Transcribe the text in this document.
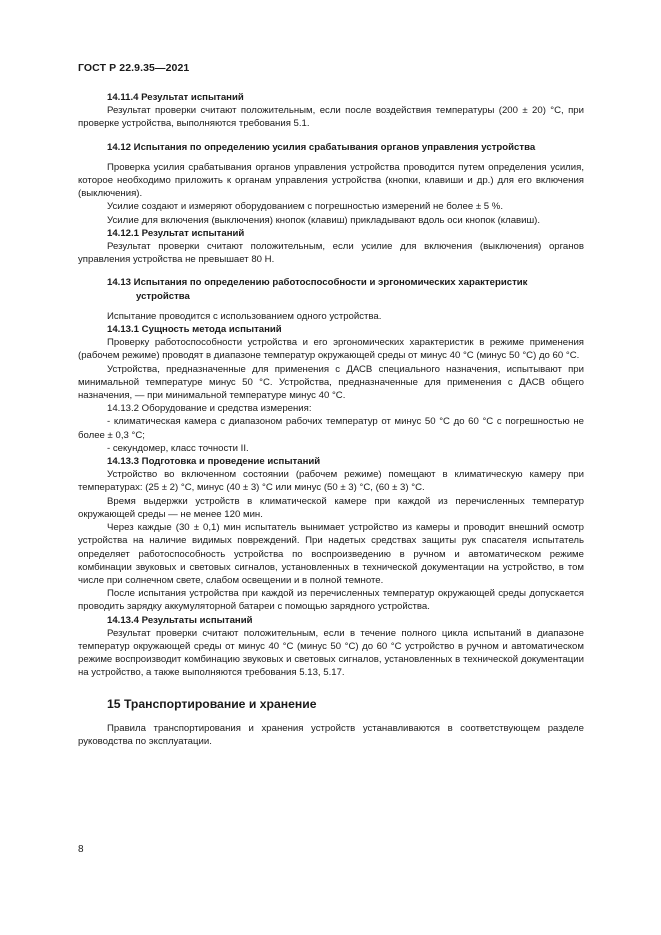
ГОСТ Р 22.9.35—2021

14.11.4 Результат испытаний

Результат проверки считают положительным, если после воздействия температуры (200 ± 20) °С, при проверке устройства, выполняются требования 5.1.

14.12 Испытания по определению усилия срабатывания органов управления устройства

Проверка усилия срабатывания органов управления устройства проводится путем определения усилия, которое необходимо приложить к органам управления устройства (кнопки, клавиши и др.) для его включения (выключения).

Усилие создают и измеряют оборудованием с погрешностью измерений не более ± 5 %.

Усилие для включения (выключения) кнопок (клавиш) прикладывают вдоль оси кнопок (клавиш).

14.12.1 Результат испытаний

Результат проверки считают положительным, если усилие для включения (выключения) органов управления устройства не превышает 80 Н.

14.13 Испытания по определению работоспособности и эргономических характеристик

устройства

Испытание проводится с использованием одного устройства.

14.13.1 Сущность метода испытаний

Проверку работоспособности устройства и его эргономических характеристик в режиме применения (рабочем режиме) проводят в диапазоне температур окружающей среды от минус 40 °С (минус 50 °С) до 60 °С.

Устройства, предназначенные для применения с ДАСВ специального назначения, испытывают при минимальной температуре минус 50 °С. Устройства, предназначенные для применения с ДАСВ общего назначения, — при минимальной температуре минус 40 °С.

14.13.2 Оборудование и средства измерения:

- климатическая камера с диапазоном рабочих температур от минус 50 °С до 60 °С с погрешностью не более ± 0,3 °С;

- секундомер, класс точности II.

14.13.3 Подготовка и проведение испытаний

Устройство во включенном состоянии (рабочем режиме) помещают в климатическую камеру при температурах: (25 ± 2) °С, минус (40 ± 3) °С или минус (50 ± 3) °С, (60 ± 3) °С.

Время выдержки устройств в климатической камере при каждой из перечисленных температур окружающей среды — не менее 120 мин.

Через каждые (30 ± 0,1) мин испытатель вынимает устройство из камеры и проводит внешний осмотр устройства на наличие видимых повреждений. При надетых средствах защиты рук спасателя испытатель определяет работоспособность устройства по воспроизведению в ручном и автоматическом режиме комбинации звуковых и световых сигналов, установленных в технической документации на устройство, в том числе при солнечном свете, слабом освещении и в полной темноте.

После испытания устройства при каждой из перечисленных температур окружающей среды допускается проводить зарядку аккумуляторной батареи с помощью зарядного устройства.

14.13.4 Результаты испытаний

Результат проверки считают положительным, если в течение полного цикла испытаний в диапазоне температур окружающей среды от минус 40 °С (минус 50 °С) до 60 °С устройство в ручном и автоматическом режиме воспроизводит комбинацию звуковых и световых сигналов, установленных в технической документации на устройство, а также выполняются требования 5.13, 5.17.

15 Транспортирование и хранение

Правила транспортирования и хранения устройств устанавливаются в соответствующем разделе руководства по эксплуатации.

8
